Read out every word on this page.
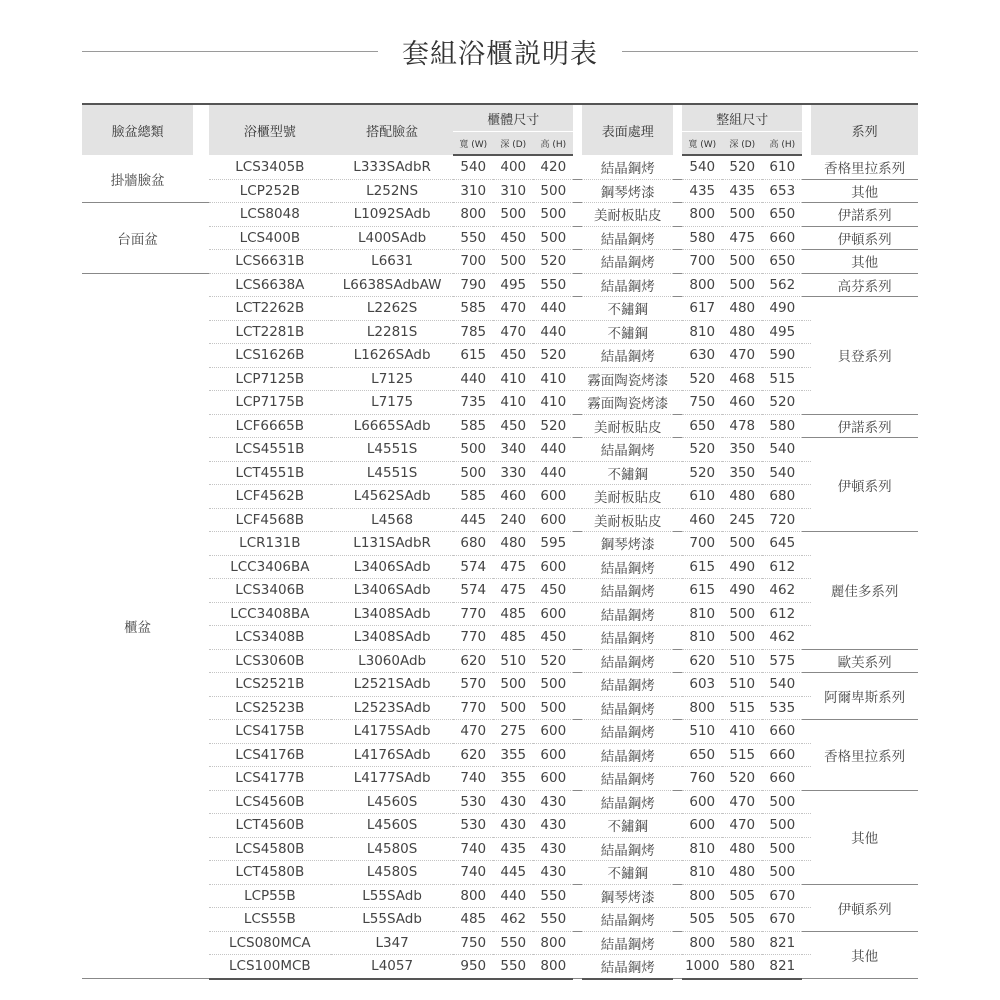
套組浴櫃説明表
臉盆總類		浴櫃型號	搭配臉盆	櫃體尺寸				表面處理		整組尺寸				系列
				寬 (W)	深 (D)	高 (H)				寬 (W)	深 (D)	高 (H)		
掛牆臉盆		LCS3405B	L333SAdbR	540	400	420		結晶鋼烤		540	520	610		香格里拉系列
		LCP252B	L252NS	310	310	500		鋼琴烤漆		435	435	653		其他
台面盆		LCS8048	L1092SAdb	800	500	500		美耐板貼皮		800	500	650		伊諾系列
		LCS400B	L400SAdb	550	450	500		結晶鋼烤		580	475	660		伊頓系列
		LCS6631B	L6631	700	500	520		結晶鋼烤		700	500	650		其他
櫃盆		LCS6638A	L6638SAdbAW	790	495	550		結晶鋼烤		800	500	562		高芬系列
		LCT2262B	L2262S	585	470	440		不鏽鋼		617	480	490		貝登系列
		LCT2281B	L2281S	785	470	440		不鏽鋼		810	480	495		
		LCS1626B	L1626SAdb	615	450	520		結晶鋼烤		630	470	590		
		LCP7125B	L7125	440	410	410		霧面陶瓷烤漆		520	468	515		
		LCP7175B	L7175	735	410	410		霧面陶瓷烤漆		750	460	520		
		LCF6665B	L6665SAdb	585	450	520		美耐板貼皮		650	478	580		伊諾系列
		LCS4551B	L4551S	500	340	440		結晶鋼烤		520	350	540		伊頓系列
		LCT4551B	L4551S	500	330	440		不鏽鋼		520	350	540		
		LCF4562B	L4562SAdb	585	460	600		美耐板貼皮		610	480	680		
		LCF4568B	L4568	445	240	600		美耐板貼皮		460	245	720		
		LCR131B	L131SAdbR	680	480	595		鋼琴烤漆		700	500	645		麗佳多系列
		LCC3406BA	L3406SAdb	574	475	600		結晶鋼烤		615	490	612		
		LCS3406B	L3406SAdb	574	475	450		結晶鋼烤		615	490	462		
		LCC3408BA	L3408SAdb	770	485	600		結晶鋼烤		810	500	612		
		LCS3408B	L3408SAdb	770	485	450		結晶鋼烤		810	500	462		
		LCS3060B	L3060Adb	620	510	520		結晶鋼烤		620	510	575		歐芙系列
		LCS2521B	L2521SAdb	570	500	500		結晶鋼烤		603	510	540		阿爾卑斯系列
		LCS2523B	L2523SAdb	770	500	500		結晶鋼烤		800	515	535		
		LCS4175B	L4175SAdb	470	275	600		結晶鋼烤		510	410	660		香格里拉系列
		LCS4176B	L4176SAdb	620	355	600		結晶鋼烤		650	515	660		
		LCS4177B	L4177SAdb	740	355	600		結晶鋼烤		760	520	660		
		LCS4560B	L4560S	530	430	430		結晶鋼烤		600	470	500		其他
		LCT4560B	L4560S	530	430	430		不鏽鋼		600	470	500		
		LCS4580B	L4580S	740	435	430		結晶鋼烤		810	480	500		
		LCT4580B	L4580S	740	445	430		不鏽鋼		810	480	500		
		LCP55B	L55SAdb	800	440	550		鋼琴烤漆		800	505	670		伊頓系列
		LCS55B	L55SAdb	485	462	550		結晶鋼烤		505	505	670		
		LCS080MCA	L347	750	550	800		結晶鋼烤		800	580	821		其他
		LCS100MCB	L4057	950	550	800		結晶鋼烤		1000	580	821		
